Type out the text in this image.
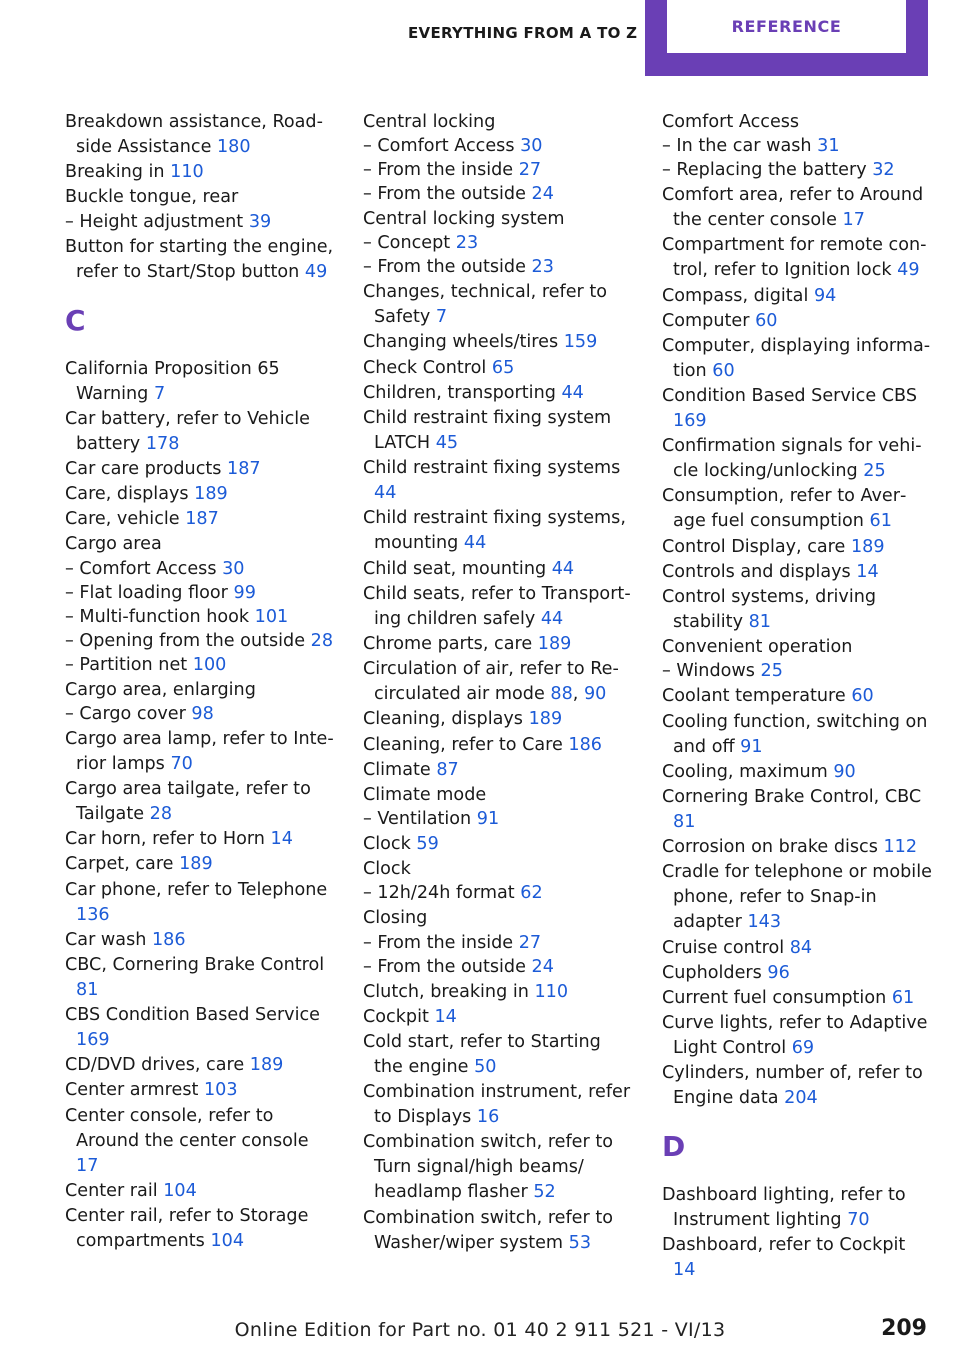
EVERYTHING FROM A TO Z	REFERENCE
Breakdown assistance, Roadside Assistance 180
Breaking in 110
Buckle tongue, rear
– Height adjustment 39
Button for starting the engine, refer to Start/Stop button 49
C
California Proposition 65 Warning 7
Car battery, refer to Vehicle battery 178
Car care products 187
Care, displays 189
Care, vehicle 187
Cargo area
– Comfort Access 30
– Flat loading floor 99
– Multi-function hook 101
– Opening from the outside 28
– Partition net 100
Cargo area, enlarging
– Cargo cover 98
Cargo area lamp, refer to Interior lamps 70
Cargo area tailgate, refer to Tailgate 28
Car horn, refer to Horn 14
Carpet, care 189
Car phone, refer to Telephone 136
Car wash 186
CBC, Cornering Brake Control 81
CBS Condition Based Service 169
CD/DVD drives, care 189
Center armrest 103
Center console, refer to Around the center console 17
Center rail 104
Center rail, refer to Storage compartments 104
Central locking
– Comfort Access 30
– From the inside 27
– From the outside 24
Central locking system
– Concept 23
– From the outside 23
Changes, technical, refer to Safety 7
Changing wheels/tires 159
Check Control 65
Children, transporting 44
Child restraint fixing system LATCH 45
Child restraint fixing systems 44
Child restraint fixing systems, mounting 44
Child seat, mounting 44
Child seats, refer to Transporting children safely 44
Chrome parts, care 189
Circulation of air, refer to Recirculated air mode 88, 90
Cleaning, displays 189
Cleaning, refer to Care 186
Climate 87
Climate mode
– Ventilation 91
Clock 59
Clock
– 12h/24h format 62
Closing
– From the inside 27
– From the outside 24
Clutch, breaking in 110
Cockpit 14
Cold start, refer to Starting the engine 50
Combination instrument, refer to Displays 16
Combination switch, refer to Turn signal/high beams/ headlamp flasher 52
Combination switch, refer to Washer/wiper system 53
Comfort Access
– In the car wash 31
– Replacing the battery 32
Comfort area, refer to Around the center console 17
Compartment for remote control, refer to Ignition lock 49
Compass, digital 94
Computer 60
Computer, displaying information 60
Condition Based Service CBS 169
Confirmation signals for vehicle locking/unlocking 25
Consumption, refer to Average fuel consumption 61
Control Display, care 189
Controls and displays 14
Control systems, driving stability 81
Convenient operation
– Windows 25
Coolant temperature 60
Cooling function, switching on and off 91
Cooling, maximum 90
Cornering Brake Control, CBC 81
Corrosion on brake discs 112
Cradle for telephone or mobile phone, refer to Snap-in adapter 143
Cruise control 84
Cupholders 96
Current fuel consumption 61
Curve lights, refer to Adaptive Light Control 69
Cylinders, number of, refer to Engine data 204
D
Dashboard lighting, refer to Instrument lighting 70
Dashboard, refer to Cockpit 14
Online Edition for Part no. 01 40 2 911 521 - VI/13	209
